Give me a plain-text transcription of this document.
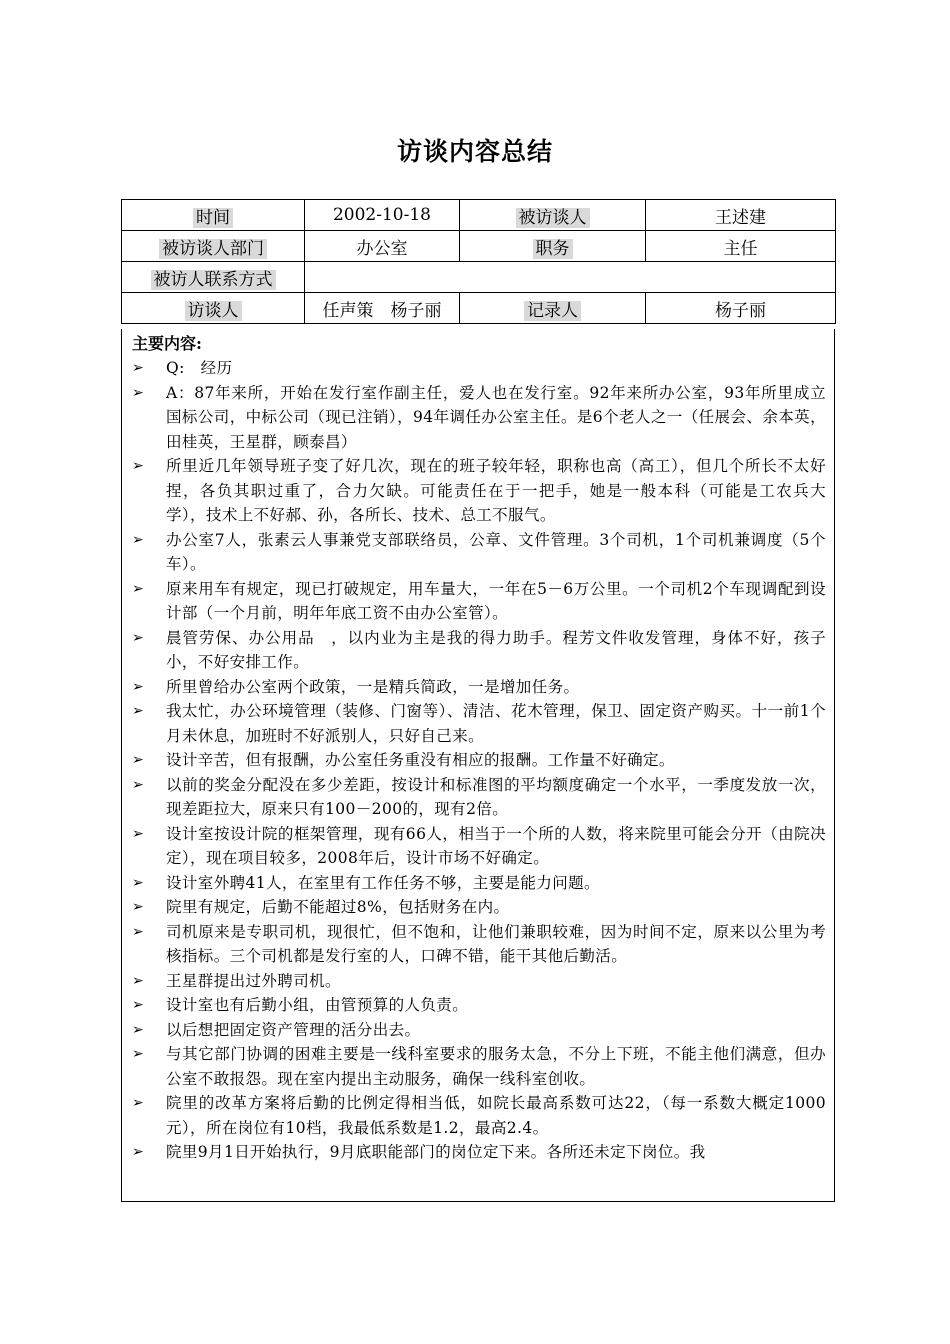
访谈内容总结
时间	2002-10-18	被访谈人	王述建
被访谈人部门	办公室	职务	主任
被访人联系方式			
访谈人	任声策　杨子丽	记录人	杨子丽

主要内容:

➢ Q:　经历
➢ A：87年来所，开始在发行室作副主任，爱人也在发行室。92年来所办公室，93年所里成立国标公司，中标公司（现已注销），94年调任办公室主任。是6个老人之一（任展会、余本英，田桂英，王星群，顾泰昌）
➢ 所里近几年领导班子变了好几次，现在的班子较年轻，职称也高（高工），但几个所长不太好捏，各负其职过重了，合力欠缺。可能责任在于一把手，她是一般本科（可能是工农兵大学），技术上不好郝、孙，各所长、技术、总工不服气。
➢ 办公室7人，张素云人事兼党支部联络员，公章、文件管理。3个司机，1个司机兼调度（5个车）。
➢ 原来用车有规定，现已打破规定，用车量大，一年在5－6万公里。一个司机2个车现调配到设计部（一个月前，明年年底工资不由办公室管）。
➢ 晨管劳保、办公用品　，以内业为主是我的得力助手。程芳文件收发管理，身体不好，孩子小，不好安排工作。
➢ 所里曾给办公室两个政策，一是精兵简政，一是增加任务。
➢ 我太忙，办公环境管理（装修、门窗等）、清洁、花木管理，保卫、固定资产购买。十一前1个月未休息，加班时不好派别人，只好自己来。
➢ 设计辛苦，但有报酬，办公室任务重没有相应的报酬。工作量不好确定。
➢ 以前的奖金分配没在多少差距，按设计和标准图的平均额度确定一个水平，一季度发放一次，现差距拉大，原来只有100－200的，现有2倍。
➢ 设计室按设计院的框架管理，现有66人，相当于一个所的人数，将来院里可能会分开（由院决定），现在项目较多，2008年后，设计市场不好确定。
➢ 设计室外聘41人，在室里有工作任务不够，主要是能力问题。
➢ 院里有规定，后勤不能超过8%，包括财务在内。
➢ 司机原来是专职司机，现很忙，但不饱和，让他们兼职较难，因为时间不定，原来以公里为考核指标。三个司机都是发行室的人，口碑不错，能干其他后勤活。
➢ 王星群提出过外聘司机。
➢ 设计室也有后勤小组，由管预算的人负责。
➢ 以后想把固定资产管理的活分出去。
➢ 与其它部门协调的困难主要是一线科室要求的服务太急，不分上下班，不能主他们满意，但办公室不敢报怨。现在室内提出主动服务，确保一线科室创收。
➢ 院里的改革方案将后勤的比例定得相当低，如院长最高系数可达22，（每一系数大概定1000元），所在岗位有10档，我最低系数是1.2，最高2.4。
➢ 院里9月1日开始执行，9月底职能部门的岗位定下来。各所还未定下岗位。我
